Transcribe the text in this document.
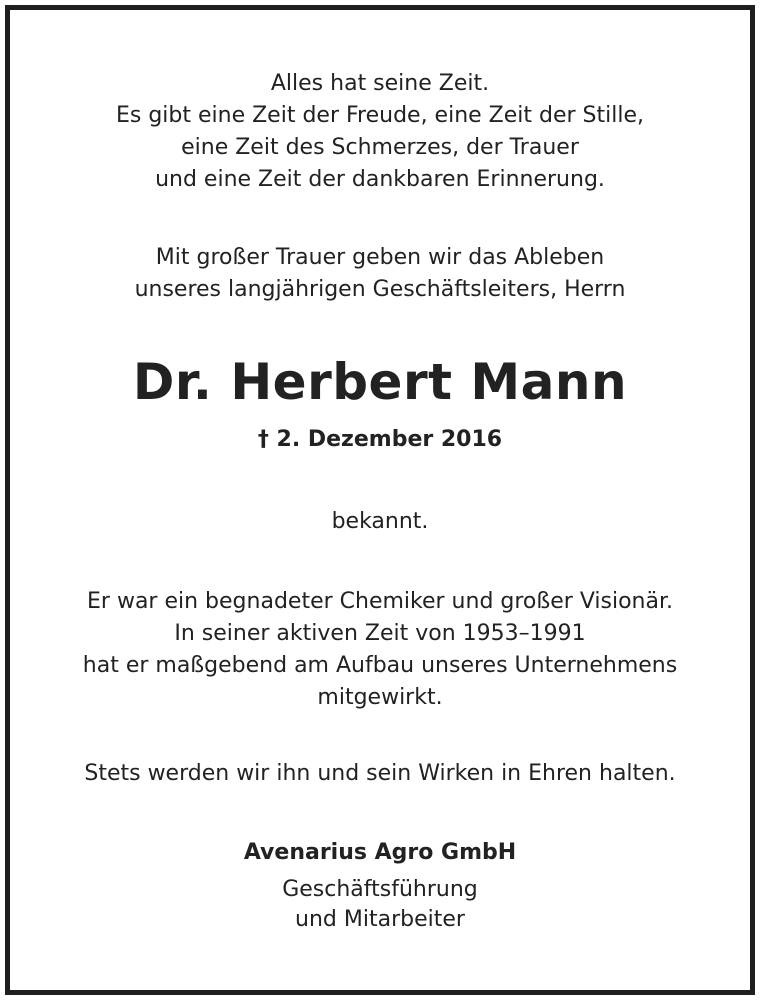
Alles hat seine Zeit.
Es gibt eine Zeit der Freude, eine Zeit der Stille,
eine Zeit des Schmerzes, der Trauer
und eine Zeit der dankbaren Erinnerung.
Mit großer Trauer geben wir das Ableben
unseres langjährigen Geschäftsleiters, Herrn
Dr. Herbert Mann
† 2. Dezember 2016
bekannt.
Er war ein begnadeter Chemiker und großer Visionär.
In seiner aktiven Zeit von 1953–1991
hat er maßgebend am Aufbau unseres Unternehmens
mitgewirkt.
Stets werden wir ihn und sein Wirken in Ehren halten.
Avenarius Agro GmbH
Geschäftsführung
und Mitarbeiter
